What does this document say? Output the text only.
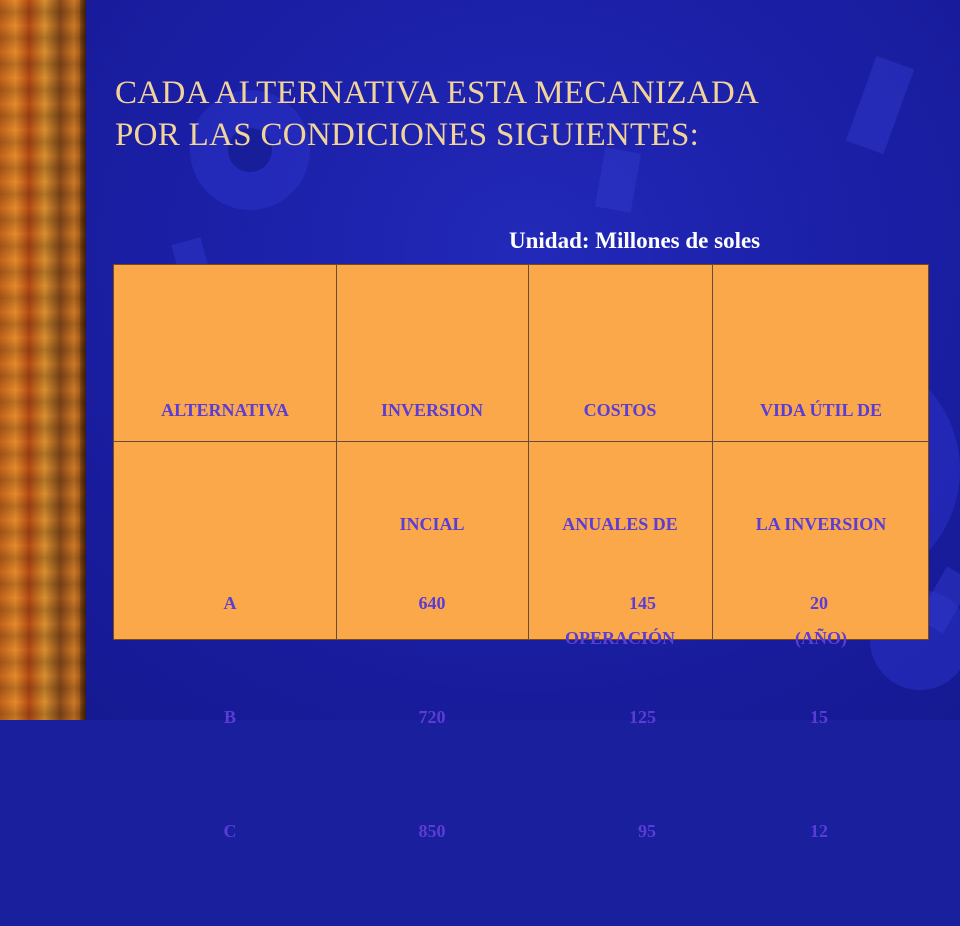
CADA ALTERNATIVA ESTA MECANIZADA
POR LAS CONDICIONES SIGUIENTES:
Unidad: Millones de soles

ALTERNATIVA

	INVERSION

INCIAL

COSTOS

ANUALES DE

OPERACIÓN

VIDA ÚTIL DE

LA INVERSION

(AÑO)

A

B

C

640

720

850

145

125

95

20

15

12
